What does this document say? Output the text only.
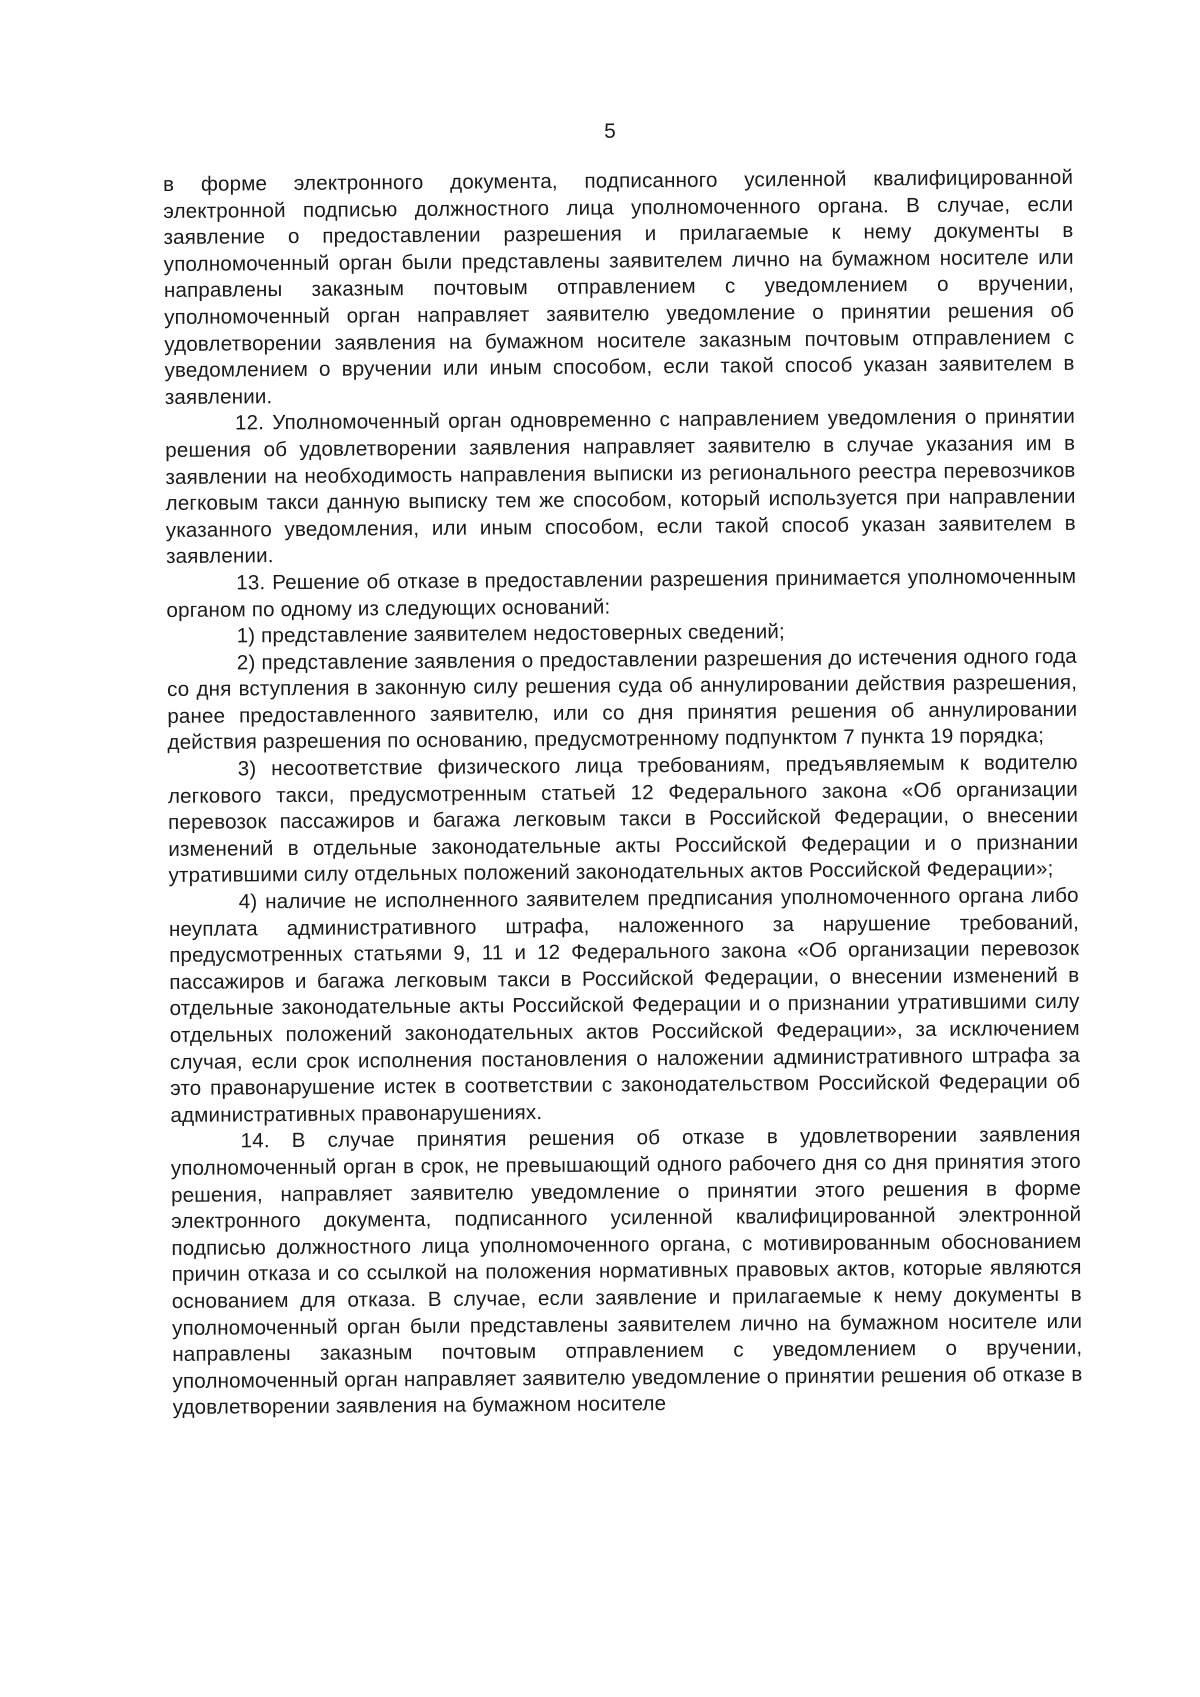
5

в форме электронного документа, подписанного усиленной квалифицированной электронной подписью должностного лица уполномоченного органа. В случае, если заявление о предоставлении разрешения и прилагаемые к нему документы в уполномоченный орган были представлены заявителем лично на бумажном носителе или направлены заказным почтовым отправлением с уведомлением о вручении, уполномоченный орган направляет заявителю уведомление о принятии решения об удовлетворении заявления на бумажном носителе заказным почтовым отправлением с уведомлением о вручении или иным способом, если такой способ указан заявителем в заявлении.

12. Уполномоченный орган одновременно с направлением уведомления о принятии решения об удовлетворении заявления направляет заявителю в случае указания им в заявлении на необходимость направления выписки из регионального реестра перевозчиков легковым такси данную выписку тем же способом, который используется при направлении указанного уведомления, или иным способом, если такой способ указан заявителем в заявлении.

13. Решение об отказе в предоставлении разрешения принимается уполномоченным органом по одному из следующих оснований:

1) представление заявителем недостоверных сведений;

2) представление заявления о предоставлении разрешения до истечения одного года со дня вступления в законную силу решения суда об аннулировании действия разрешения, ранее предоставленного заявителю, или со дня принятия решения об аннулировании действия разрешения по основанию, предусмотренному подпунктом 7 пункта 19 порядка;

3) несоответствие физического лица требованиям, предъявляемым к водителю легкового такси, предусмотренным статьей 12 Федерального закона «Об организации перевозок пассажиров и багажа легковым такси в Российской Федерации, о внесении изменений в отдельные законодательные акты Российской Федерации и о признании утратившими силу отдельных положений законодательных актов Российской Федерации»;

4) наличие не исполненного заявителем предписания уполномоченного органа либо неуплата административного штрафа, наложенного за нарушение требований, предусмотренных статьями 9, 11 и 12 Федерального закона «Об организации перевозок пассажиров и багажа легковым такси в Российской Федерации, о внесении изменений в отдельные законодательные акты Российской Федерации и о признании утратившими силу отдельных положений законодательных актов Российской Федерации», за исключением случая, если срок исполнения постановления о наложении административного штрафа за это правонарушение истек в соответствии с законодательством Российской Федерации об административных правонарушениях.

14. В случае принятия решения об отказе в удовлетворении заявления уполномоченный орган в срок, не превышающий одного рабочего дня со дня принятия этого решения, направляет заявителю уведомление о принятии этого решения в форме электронного документа, подписанного усиленной квалифицированной электронной подписью должностного лица уполномоченного органа, с мотивированным обоснованием причин отказа и со ссылкой на положения нормативных правовых актов, которые являются основанием для отказа. В случае, если заявление и прилагаемые к нему документы в уполномоченный орган были представлены заявителем лично на бумажном носителе или направлены заказным почтовым отправлением с уведомлением о вручении, уполномоченный орган направляет заявителю уведомление о принятии решения об отказе в удовлетворении заявления на бумажном носителе
